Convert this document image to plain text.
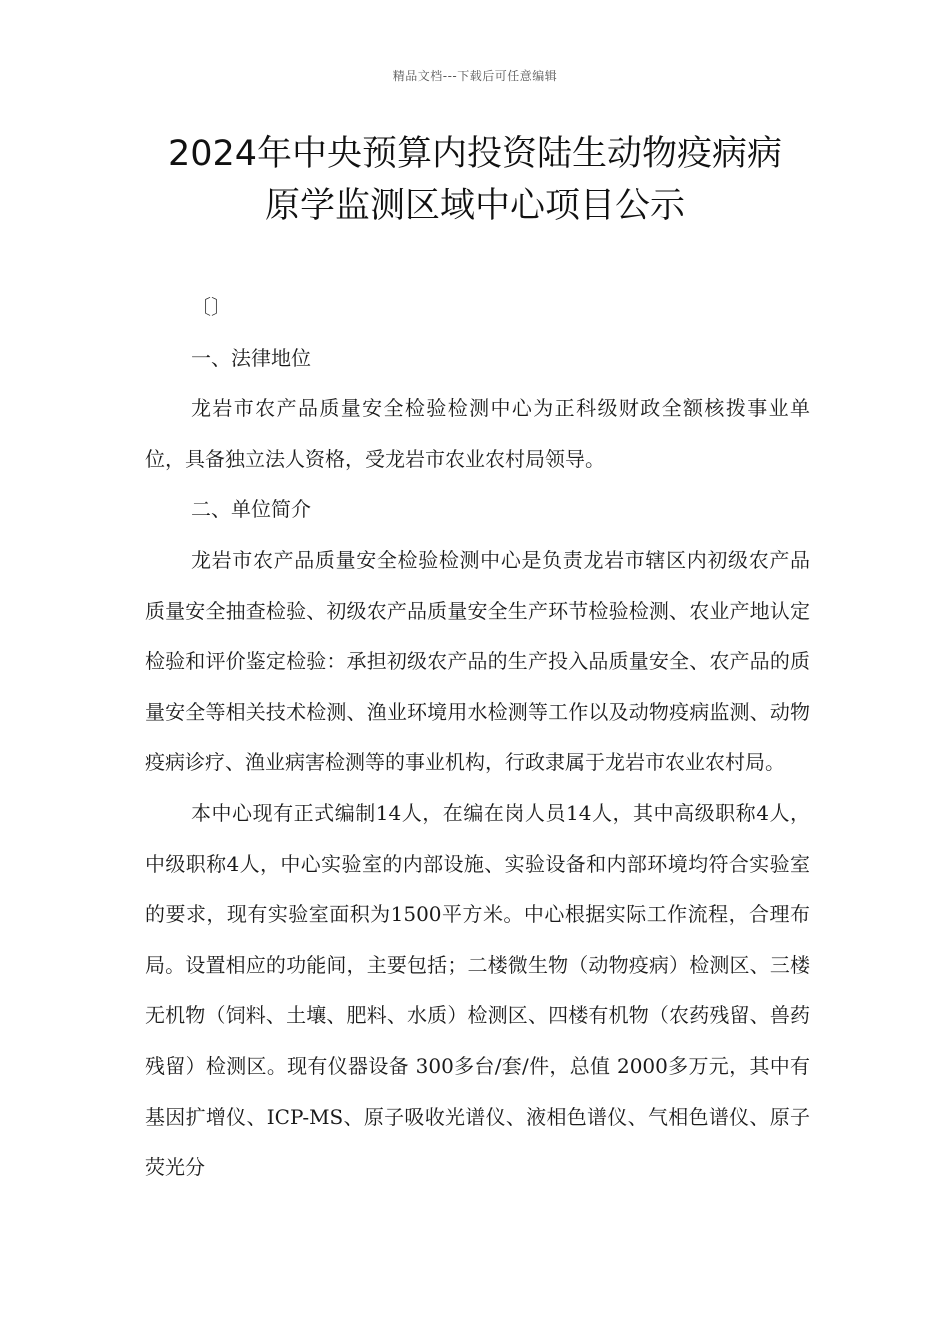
精品文档---下载后可任意编辑
2024年中央预算内投资陆生动物疫病病
原学监测区域中心项目公示

〔〕

一、法律地位

龙岩市农产品质量安全检验检测中心为正科级财政全额核拨事业单位，具备独立法人资格，受龙岩市农业农村局领导。

二、单位简介

龙岩市农产品质量安全检验检测中心是负责龙岩市辖区内初级农产品质量安全抽查检验、初级农产品质量安全生产环节检验检测、农业产地认定检验和评价鉴定检验：承担初级农产品的生产投入品质量安全、农产品的质量安全等相关技术检测、渔业环境用水检测等工作以及动物疫病监测、动物疫病诊疗、渔业病害检测等的事业机构，行政隶属于龙岩市农业农村局。

本中心现有正式编制14人，在编在岗人员14人，其中高级职称4人，中级职称4人，中心实验室的内部设施、实验设备和内部环境均符合实验室的要求，现有实验室面积为1500平方米。中心根据实际工作流程，合理布局。设置相应的功能间，主要包括；二楼微生物（动物疫病）检测区、三楼无机物（饲料、土壤、肥料、水质）检测区、四楼有机物（农药残留、兽药残留）检测区。现有仪器设备 300多台/套/件，总值 2000多万元，其中有基因扩增仪、ICP-MS、原子吸收光谱仪、液相色谱仪、气相色谱仪、原子荧光分
